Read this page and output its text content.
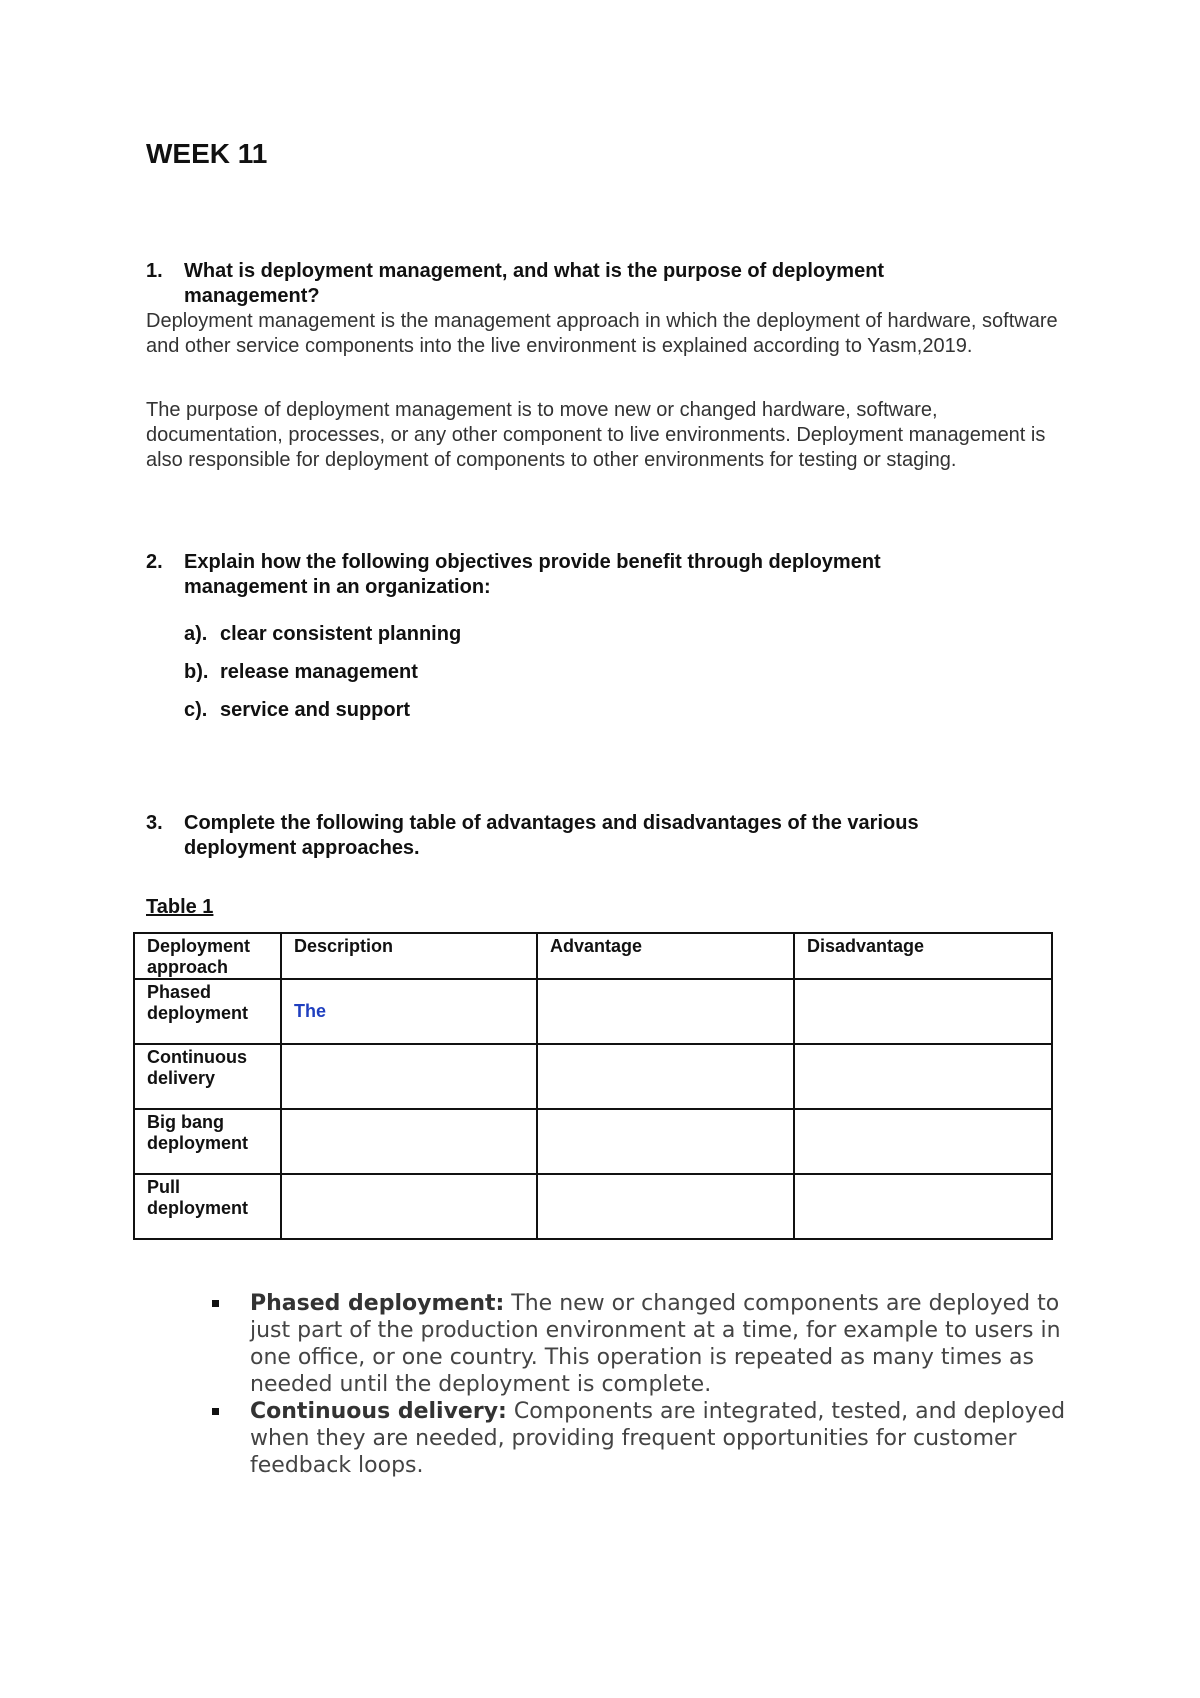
WEEK 11
1. What is deployment management, and what is the purpose of deployment
management?

Deployment management is the management approach in which the deployment of hardware, software and other service components into the live environment is explained according to Yasm,2019.

The purpose of deployment management is to move new or changed hardware, software, documentation, processes, or any other component to live environments. Deployment management is also responsible for deployment of components to other environments for testing or staging.

2. Explain how the following objectives provide benefit through deployment
management in an organization:
a). clear consistent planning
b). release management
c). service and support
3. Complete the following table of advantages and disadvantages of the various
deployment approaches.
Table 1
Deployment approach	Description	Advantage	Disadvantage
Phased deployment	The		
Continuous delivery			
Big bang deployment			
Pull deployment			
Phased deployment: The new or changed components are deployed to just part of the production environment at a time, for example to users in one office, or one country. This operation is repeated as many times as needed until the deployment is complete.
Continuous delivery: Components are integrated, tested, and deployed when they are needed, providing frequent opportunities for customer feedback loops.
